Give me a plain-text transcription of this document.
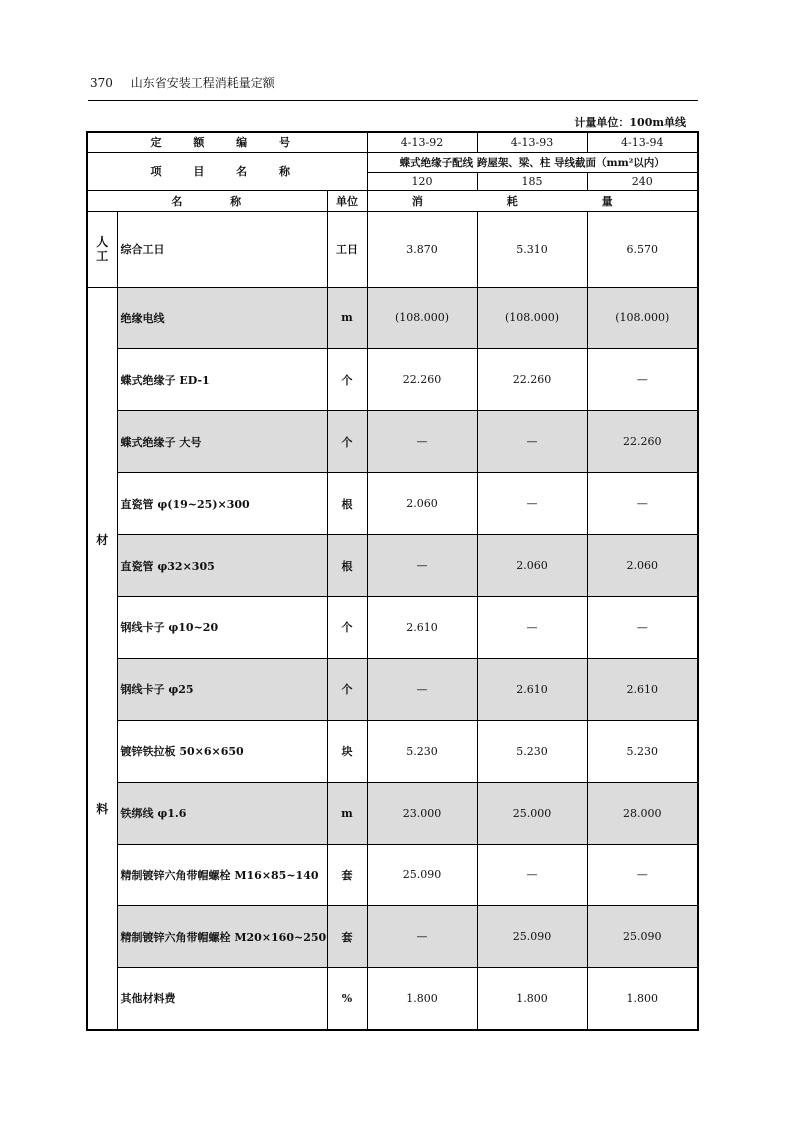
370 山东省安装工程消耗量定额
计量单位：100m单线
定 额 编 号			4-13-92	4-13-93	4-13-94
项 目 名 称			蝶式绝缘子配线 跨屋架、梁、柱 导线截面（mm²以内）		
			120	185	240
名 称		单位	消 耗 量		
人工	综合工日	工日	3.870	5.310	6.570

材
料	绝缘电线	m	(108.000)	(108.000)	(108.000)
	蝶式绝缘子 ED-1	个	22.260	22.260	—
	蝶式绝缘子 大号	个	—	—	22.260
	直瓷管 φ(19~25)×300	根	2.060	—	—
	直瓷管 φ32×305	根	—	2.060	2.060
	钢线卡子 φ10~20	个	2.610	—	—
	钢线卡子 φ25	个	—	2.610	2.610
	镀锌铁拉板 50×6×650	块	5.230	5.230	5.230
	铁绑线 φ1.6	m	23.000	25.000	28.000
	精制镀锌六角带帽螺栓 M16×85~140	套	25.090	—	—
	精制镀锌六角带帽螺栓 M20×160~250	套	—	25.090	25.090
	其他材料费	%	1.800	1.800	1.800
